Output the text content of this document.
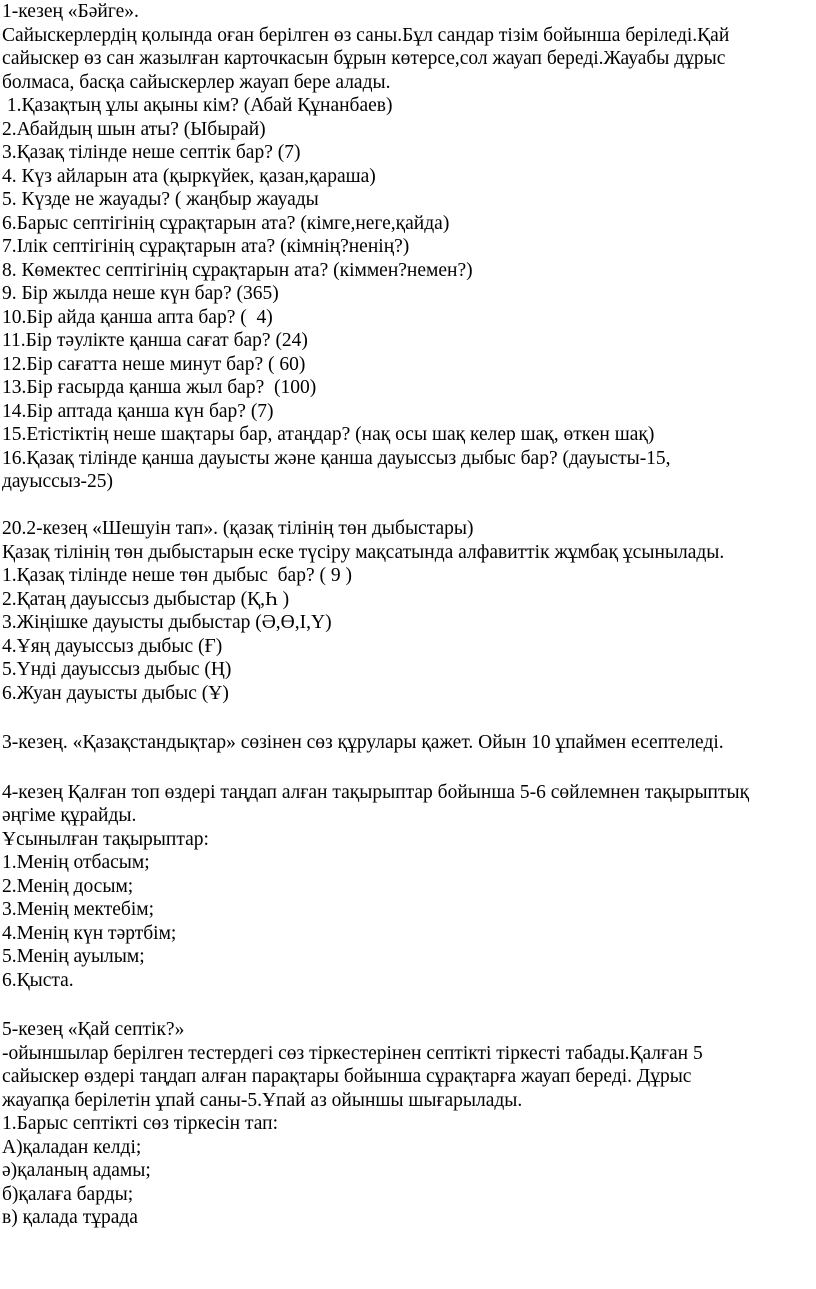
1-кезең «Бәйге».

Сайыскерлердің қолында оған берілген өз саны.Бұл сандар тізім бойынша беріледі.Қай

сайыскер өз сан жазылған карточкасын бұрын көтерсе,сол жауап береді.Жауабы дұрыс

болмаса, басқа сайыскерлер жауап бере алады.

1.Қазақтың ұлы ақыны кім? (Абай Құнанбаев)

2.Абайдың шын аты? (Ыбырай)

3.Қазақ тілінде неше септік бар? (7)

4. Күз айларын ата (қыркүйек, қазан,қараша)

5. Күзде не жауады? ( жаңбыр жауады

6.Барыс септігінің сұрақтарын ата? (кімге,неге,қайда)

7.Ілік септігінің сұрақтарын ата? (кімнің?ненің?)

8. Көмектес септігінің сұрақтарын ата? (кіммен?немен?)

9. Бір жылда неше күн бар? (365)

10.Бір айда қанша апта бар? (  4)

11.Бір тәулікте қанша сағат бар? (24)

12.Бір сағатта неше минут бар? ( 60)

13.Бір ғасырда қанша жыл бар?  (100)

14.Бір аптада қанша күн бар? (7)

15.Етістіктің неше шақтары бар, атаңдар? (нақ осы шақ келер шақ, өткен шақ)

16.Қазақ тілінде қанша дауысты және қанша дауыссыз дыбыс бар? (дауысты-15,

дауыссыз-25)

20.2-кезең «Шешуін тап». (қазақ тілінің төн дыбыстары)

Қазақ тілінің төн дыбыстарын еске түсіру мақсатында алфавиттік жұмбақ ұсынылады.

1.Қазақ тілінде неше төн дыбыс  бар? ( 9 )

2.Қатаң дауыссыз дыбыстар (Қ,Һ )

3.Жіңішке дауысты дыбыстар (Ә,Ө,І,Ү)

4.Ұяң дауыссыз дыбыс (Ғ)

5.Үнді дауыссыз дыбыс (Ң)

6.Жуан дауысты дыбыс (Ұ)

3-кезең. «Қазақстандықтар» сөзінен сөз құрулары қажет. Ойын 10 ұпаймен есептеледі.

4-кезең Қалған топ өздері таңдап алған тақырыптар бойынша 5-6 сөйлемнен тақырыптық

әңгіме құрайды.

Ұсынылған тақырыптар:

1.Менің отбасым;

2.Менің досым;

3.Менің мектебім;

4.Менің күн тәртбім;

5.Менің ауылым;

6.Қыста.

5-кезең «Қай септік?»

-ойыншылар берілген тестердегі сөз тіркестерінен септікті тіркесті табады.Қалған 5

сайыскер өздері таңдап алған парақтары бойынша сұрақтарға жауап береді. Дұрыс

жауапқа берілетін ұпай саны-5.Ұпай аз ойыншы шығарылады.

1.Барыс септікті сөз тіркесін тап:

А)қаладан келді;

ә)қаланың адамы;

б)қалаға барды;

в) қалада тұрада
